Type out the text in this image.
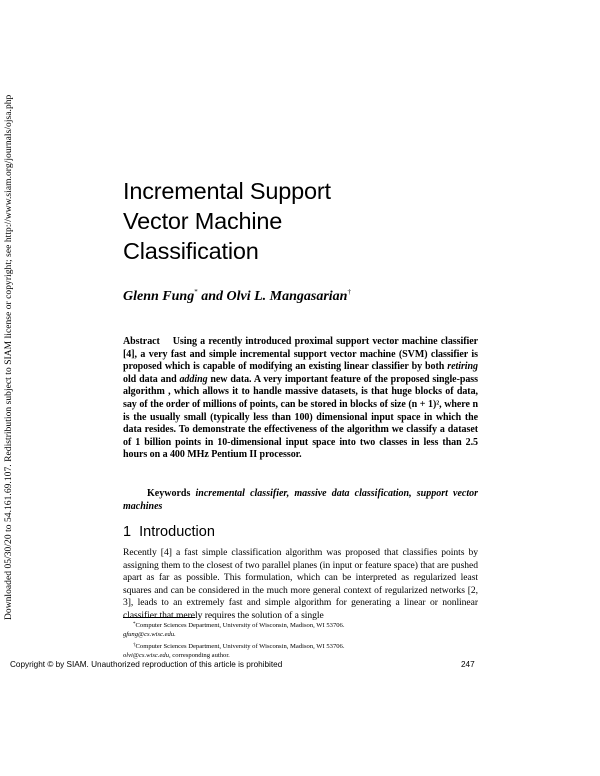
Downloaded 05/30/20 to 54.161.69.107. Redistribution subject to SIAM license or copyright; see http://www.siam.org/journals/ojsa.php	Incremental Support
Vector Machine
Classification
Glenn Fung* and Olvi L. Mangasarian†

Abstract Using a recently introduced proximal support vector machine classifier [4], a very fast and simple incremental support vector machine (SVM) classifier is proposed which is capable of modifying an existing linear classifier by both retiring old data and adding new data. A very important feature of the proposed single-pass algorithm , which allows it to handle massive datasets, is that huge blocks of data, say of the order of millions of points, can be stored in blocks of size (n + 1)², where n is the usually small (typically less than 100) dimensional input space in which the data resides. To demonstrate the effectiveness of the algorithm we classify a dataset of 1 billion points in 10-dimensional input space into two classes in less than 2.5 hours on a 400 MHz Pentium II processor.

Keywords incremental classifier, massive data classification, support vector machines

1 Introduction

Recently [4] a fast simple classification algorithm was proposed that classifies points by assigning them to the closest of two parallel planes (in input or feature space) that are pushed apart as far as possible. This formulation, which can be interpreted as regularized least squares and can be considered in the much more general context of regularized networks [2, 3], leads to an extremely fast and simple algorithm for generating a linear or nonlinear classifier that merely requires the solution of a single

*Computer Sciences Department, University of Wisconsin, Madison, WI 53706.
gfung@cs.wisc.edu.

†Computer Sciences Department, University of Wisconsin, Madison, WI 53706.
olvi@cs.wisc.edu, corresponding author.

Copyright © by SIAM. Unauthorized reproduction of this article is prohibited	247
